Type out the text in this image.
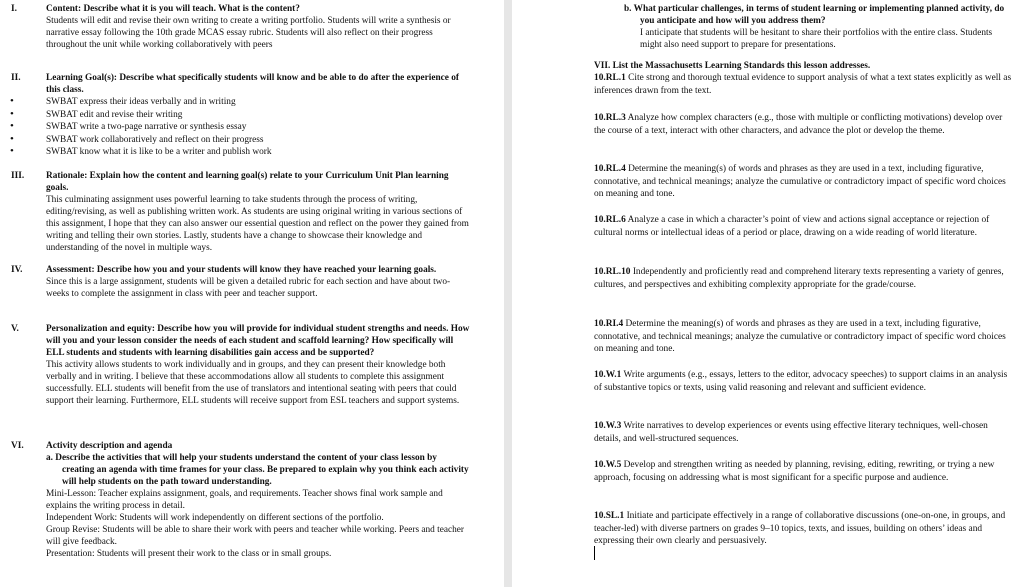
I.	Content: Describe what it is you will teach. What is the content?
Students will edit and revise their own writing to create a writing portfolio. Students will write a synthesis or narrative essay following the 10th grade MCAS essay rubric. Students will also reflect on their progress throughout the unit while working collaboratively with peers
II.	Learning Goal(s): Describe what specifically students will know and be able to do after the experience of this class.
•	SWBAT express their ideas verbally and in writing
•	SWBAT edit and revise their writing
•	SWBAT write a two-page narrative or synthesis essay
•	SWBAT work collaboratively and reflect on their progress
•	SWBAT know what it is like to be a writer and publish work
III. Rationale: Explain how the content and learning goal(s) relate to your Curriculum Unit Plan learning goals.
This culminating assignment uses powerful learning to take students through the process of writing, editing/revising, as well as publishing written work. As students are using original writing in various sections of this assignment, I hope that they can also answer our essential question and reflect on the power they gained from writing and telling their own stories. Lastly, students have a change to showcase their knowledge and understanding of the novel in multiple ways.
IV.	Assessment: Describe how you and your students will know they have reached your learning goals.
Since this is a large assignment, students will be given a detailed rubric for each section and have about two-weeks to complete the assignment in class with peer and teacher support.
V.	Personalization and equity: Describe how you will provide for individual student strengths and needs. How will you and your lesson consider the needs of each student and scaffold learning? How specifically will ELL students and students with learning disabilities gain access and be supported?
This activity allows students to work individually and in groups, and they can present their knowledge both verbally and in writing. I believe that these accommodations allow all students to complete this assignment successfully. ELL students will benefit from the use of translators and intentional seating with peers that could support their learning. Furthermore, ELL students will receive support from ESL teachers and support systems.
VI. Activity description and agenda
a. Describe the activities that will help your students understand the content of your class lesson by creating an agenda with time frames for your class. Be prepared to explain why you think each activity will help students on the path toward understanding.
Mini-Lesson: Teacher explains assignment, goals, and requirements. Teacher shows final work sample and explains the writing process in detail.
Independent Work: Students will work independently on different sections of the portfolio.
Group Revise: Students will be able to share their work with peers and teacher while working. Peers and teacher will give feedback.
Presentation: Students will present their work to the class or in small groups.
b. What particular challenges, in terms of student learning or implementing planned activity, do you anticipate and how will you address them?
I anticipate that students will be hesitant to share their portfolios with the entire class. Students might also need support to prepare for presentations.
VII. List the Massachusetts Learning Standards this lesson addresses.
10.RL.1 Cite strong and thorough textual evidence to support analysis of what a text states explicitly as well as inferences drawn from the text.
10.RL.3 Analyze how complex characters (e.g., those with multiple or conflicting motivations) develop over the course of a text, interact with other characters, and advance the plot or develop the theme.
10.RL.4 Determine the meaning(s) of words and phrases as they are used in a text, including figurative, connotative, and technical meanings; analyze the cumulative or contradictory impact of specific word choices on meaning and tone.
10.RL.6 Analyze a case in which a character’s point of view and actions signal acceptance or rejection of cultural norms or intellectual ideas of a period or place, drawing on a wide reading of world literature.
10.RL.10 Independently and proficiently read and comprehend literary texts representing a variety of genres, cultures, and perspectives and exhibiting complexity appropriate for the grade/course.
10.RI.4 Determine the meaning(s) of words and phrases as they are used in a text, including figurative, connotative, and technical meanings; analyze the cumulative or contradictory impact of specific word choices on meaning and tone.
10.W.1 Write arguments (e.g., essays, letters to the editor, advocacy speeches) to support claims in an analysis of substantive topics or texts, using valid reasoning and relevant and sufficient evidence.
10.W.3 Write narratives to develop experiences or events using effective literary techniques, well-chosen details, and well-structured sequences.
10.W.5 Develop and strengthen writing as needed by planning, revising, editing, rewriting, or trying a new approach, focusing on addressing what is most significant for a specific purpose and audience.
10.SL.1 Initiate and participate effectively in a range of collaborative discussions (one-on-one, in groups, and teacher-led) with diverse partners on grades 9–10 topics, texts, and issues, building on others’ ideas and expressing their own clearly and persuasively.
